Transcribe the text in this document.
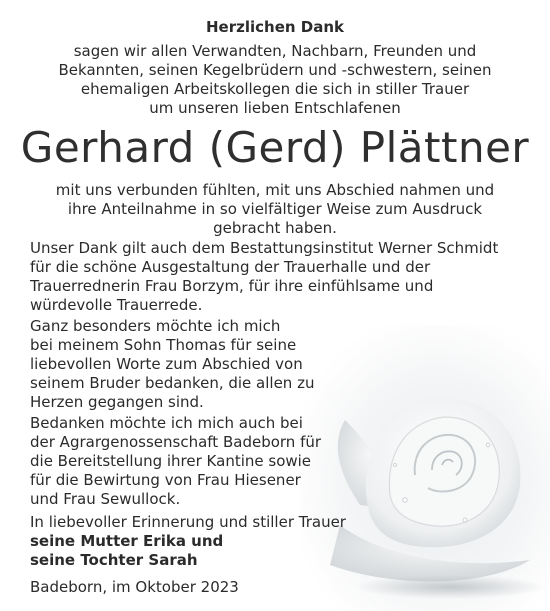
Herzlichen Dank
sagen wir allen Verwandten, Nachbarn, Freunden und
Bekannten, seinen Kegelbrüdern und -schwestern, seinen
ehemaligen Arbeitskollegen die sich in stiller Trauer
um unseren lieben Entschlafenen
Gerhard (Gerd) Plättner
mit uns verbunden fühlten, mit uns Abschied nahmen und
ihre Anteilnahme in so vielfältiger Weise zum Ausdruck
gebracht haben.
Unser Dank gilt auch dem Bestattungsinstitut Werner Schmidt
für die schöne Ausgestaltung der Trauerhalle und der
Trauerrednerin Frau Borzym, für ihre einfühlsame und
würdevolle Trauerrede.
Ganz besonders möchte ich mich
bei meinem Sohn Thomas für seine
liebevollen Worte zum Abschied von
seinem Bruder bedanken, die allen zu
Herzen gegangen sind.
Bedanken möchte ich mich auch bei
der Agrargenossenschaft Badeborn für
die Bereitstellung ihrer Kantine sowie
für die Bewirtung von Frau Hiesener
und Frau Sewullock.
In liebevoller Erinnerung und stiller Trauer
seine Mutter Erika und
seine Tochter Sarah
Badeborn, im Oktober 2023
